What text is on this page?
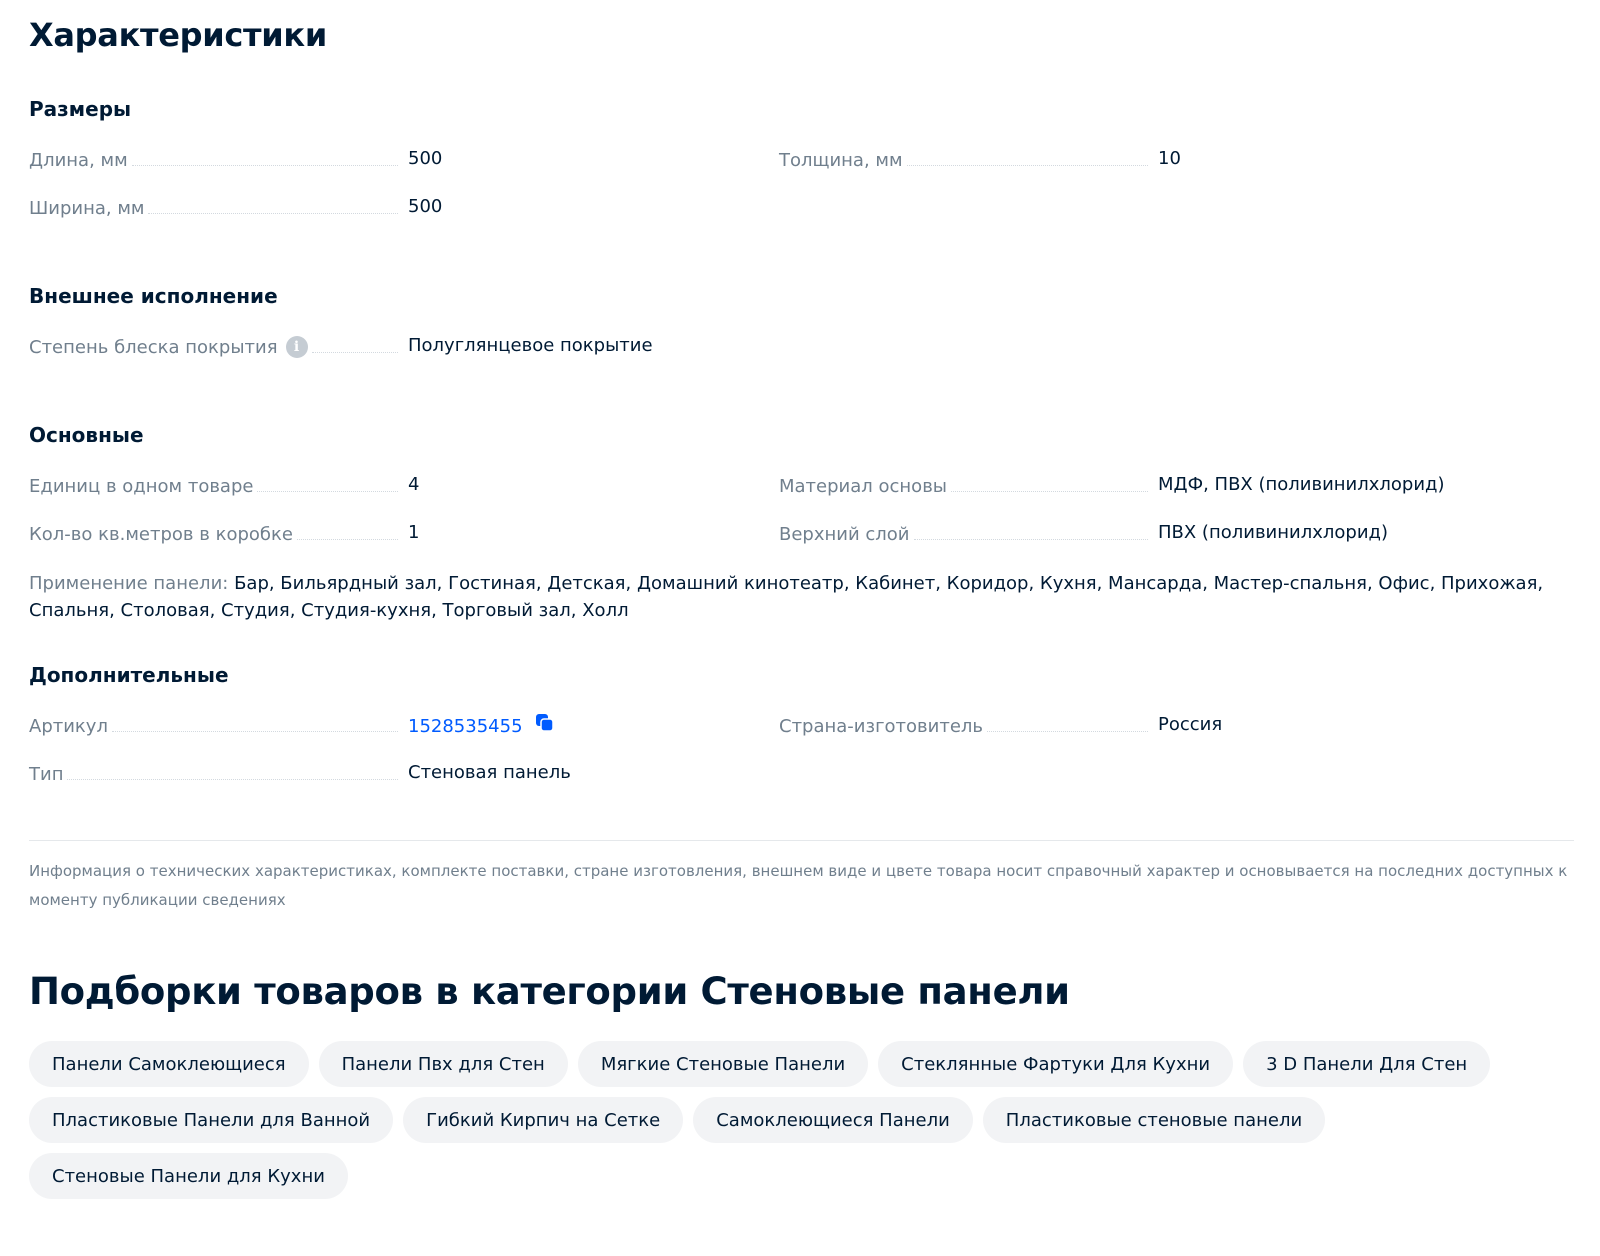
Характеристики
Размеры
Длина, мм	500	Толщина, мм	10
Ширина, мм	500
Внешнее исполнение
Степень блеска покрытия	i	Полуглянцевое покрытие
Основные
Единиц в одном товаре	4	Материал основы	МДФ, ПВХ (поливинилхлорид)
Кол-во кв.метров в коробке	1	Верхний слой	ПВХ (поливинилхлорид)
Применение панели: Бар, Бильярдный зал, Гостиная, Детская, Домашний кинотеатр, Кабинет, Коридор, Кухня, Мансарда, Мастер-спальня, Офис, Прихожая, Спальня, Столовая, Студия, Студия-кухня, Торговый зал, Холл
Дополнительные
Артикул	1528535455	Страна-изготовитель	Россия
Тип	Стеновая панель
Информация о технических характеристиках, комплекте поставки, стране изготовления, внешнем виде и цвете товара носит справочный характер и основывается на последних доступных к моменту публикации сведениях
Подборки товаров в категории Стеновые панели
Панели Самоклеющиеся	Панели Пвх для Стен	Мягкие Стеновые Панели	Стеклянные Фартуки Для Кухни	3 D Панели Для Стен
Пластиковые Панели для Ванной	Гибкий Кирпич на Сетке	Самоклеющиеся Панели	Пластиковые стеновые панели
Стеновые Панели для Кухни
